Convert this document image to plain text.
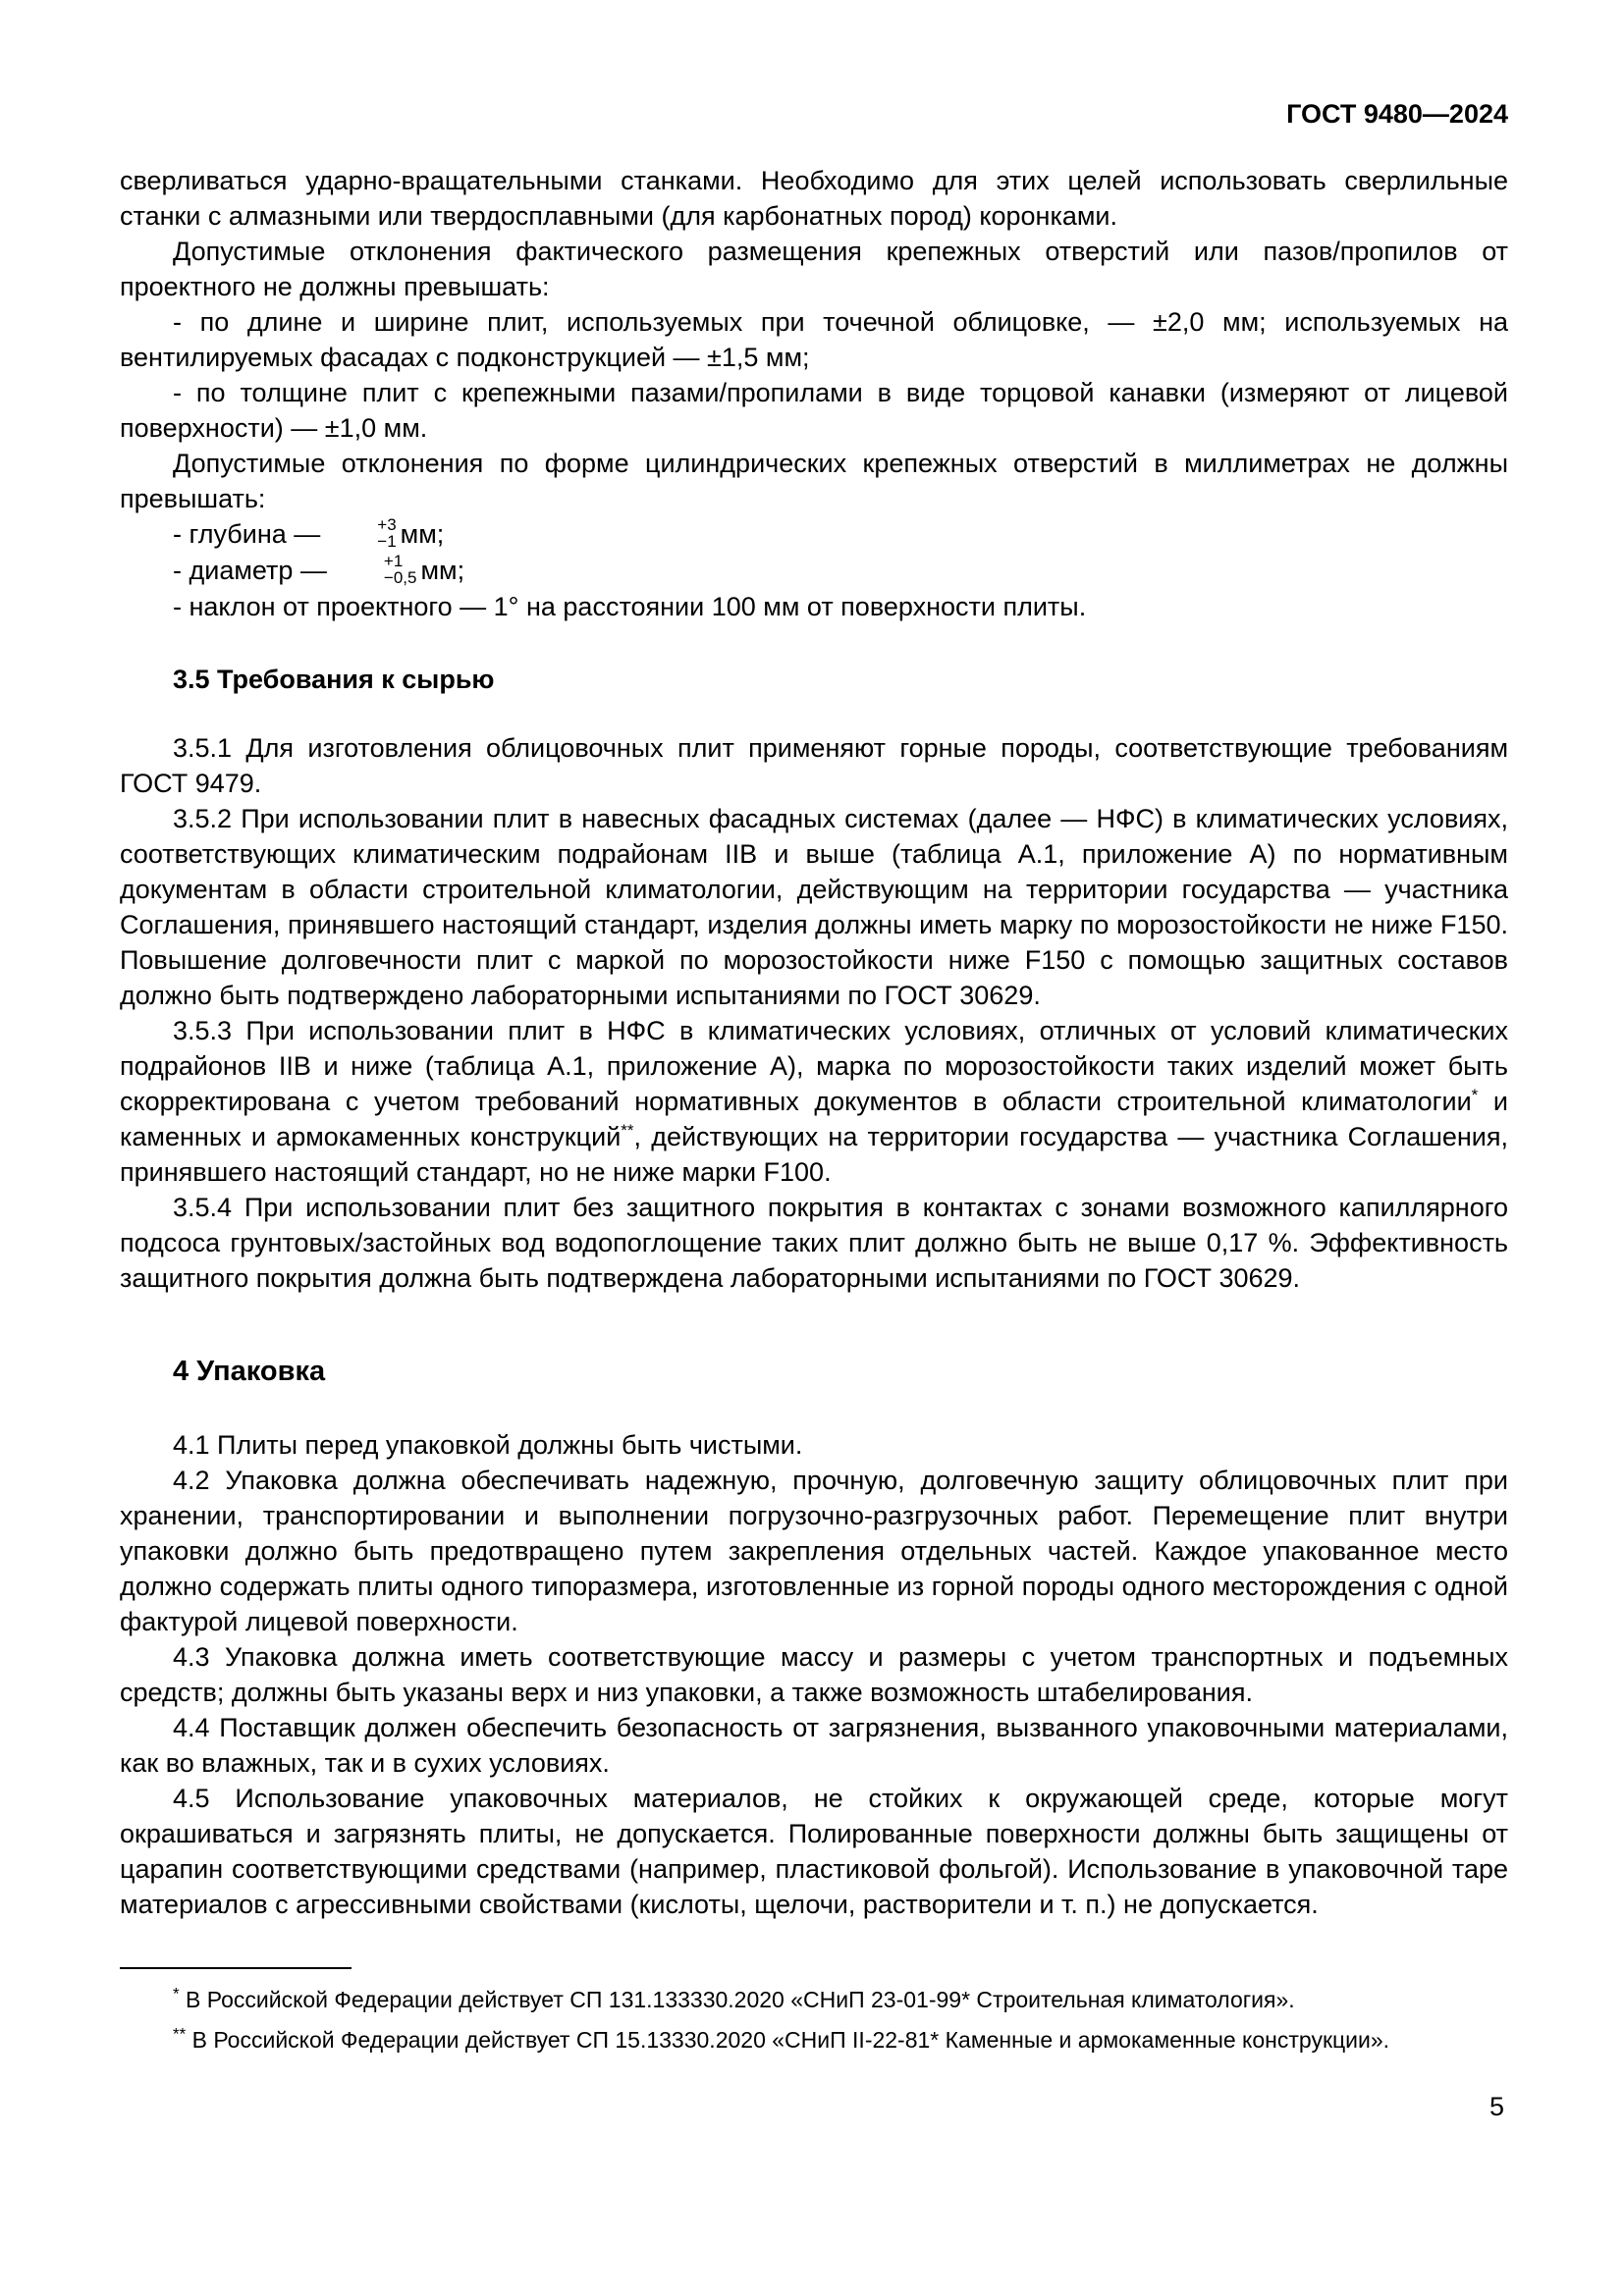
ГОСТ 9480—2024

сверливаться ударно-вращательными станками. Необходимо для этих целей использовать сверлильные станки с алмазными или твердосплавными (для карбонатных пород) коронками.

Допустимые отклонения фактического размещения крепежных отверстий или пазов/пропилов от проектного не должны превышать:

- по длине и ширине плит, используемых при точечной облицовке, — ±2,0 мм; используемых на вентилируемых фасадах с подконструкцией — ±1,5 мм;

- по толщине плит с крепежными пазами/пропилами в виде торцовой канавки (измеряют от лицевой поверхности) — ±1,0 мм.

Допустимые отклонения по форме цилиндрических крепежных отверстий в миллиметрах не должны превышать:

- глубина —	+3
−1 мм;

- диаметр —	+1
−0,5 мм;

- наклон от проектного — 1° на расстоянии 100 мм от поверхности плиты.

3.5 Требования к сырью

3.5.1 Для изготовления облицовочных плит применяют горные породы, соответствующие требованиям ГОСТ 9479.

3.5.2 При использовании плит в навесных фасадных системах (далее — НФС) в климатических условиях, соответствующих климатическим подрайонам IIВ и выше (таблица А.1, приложение А) по нормативным документам в области строительной климатологии, действующим на территории государства — участника Соглашения, принявшего настоящий стандарт, изделия должны иметь марку по морозостойкости не ниже F150. Повышение долговечности плит с маркой по морозостойкости ниже F150 с помощью защитных составов должно быть подтверждено лабораторными испытаниями по ГОСТ 30629.

3.5.3 При использовании плит в НФС в климатических условиях, отличных от условий климатических подрайонов IIВ и ниже (таблица А.1, приложение А), марка по морозостойкости таких изделий может быть скорректирована с учетом требований нормативных документов в области строительной климатологии* и каменных и армокаменных конструкций**, действующих на территории государства — участника Соглашения, принявшего настоящий стандарт, но не ниже марки F100.

3.5.4 При использовании плит без защитного покрытия в контактах с зонами возможного капиллярного подсоса грунтовых/застойных вод водопоглощение таких плит должно быть не выше 0,17 %. Эффективность защитного покрытия должна быть подтверждена лабораторными испытаниями по ГОСТ 30629.

4 Упаковка

4.1 Плиты перед упаковкой должны быть чистыми.

4.2 Упаковка должна обеспечивать надежную, прочную, долговечную защиту облицовочных плит при хранении, транспортировании и выполнении погрузочно-разгрузочных работ. Перемещение плит внутри упаковки должно быть предотвращено путем закрепления отдельных частей. Каждое упакованное место должно содержать плиты одного типоразмера, изготовленные из горной породы одного месторождения с одной фактурой лицевой поверхности.

4.3 Упаковка должна иметь соответствующие массу и размеры с учетом транспортных и подъемных средств; должны быть указаны верх и низ упаковки, а также возможность штабелирования.

4.4 Поставщик должен обеспечить безопасность от загрязнения, вызванного упаковочными материалами, как во влажных, так и в сухих условиях.

4.5 Использование упаковочных материалов, не стойких к окружающей среде, которые могут окрашиваться и загрязнять плиты, не допускается. Полированные поверхности должны быть защищены от царапин соответствующими средствами (например, пластиковой фольгой). Использование в упаковочной таре материалов с агрессивными свойствами (кислоты, щелочи, растворители и т. п.) не допускается.

* В Российской Федерации действует СП 131.133330.2020 «СНиП 23-01-99* Строительная климатология».

** В Российской Федерации действует СП 15.13330.2020 «СНиП II-22-81* Каменные и армокаменные конструкции».

5
